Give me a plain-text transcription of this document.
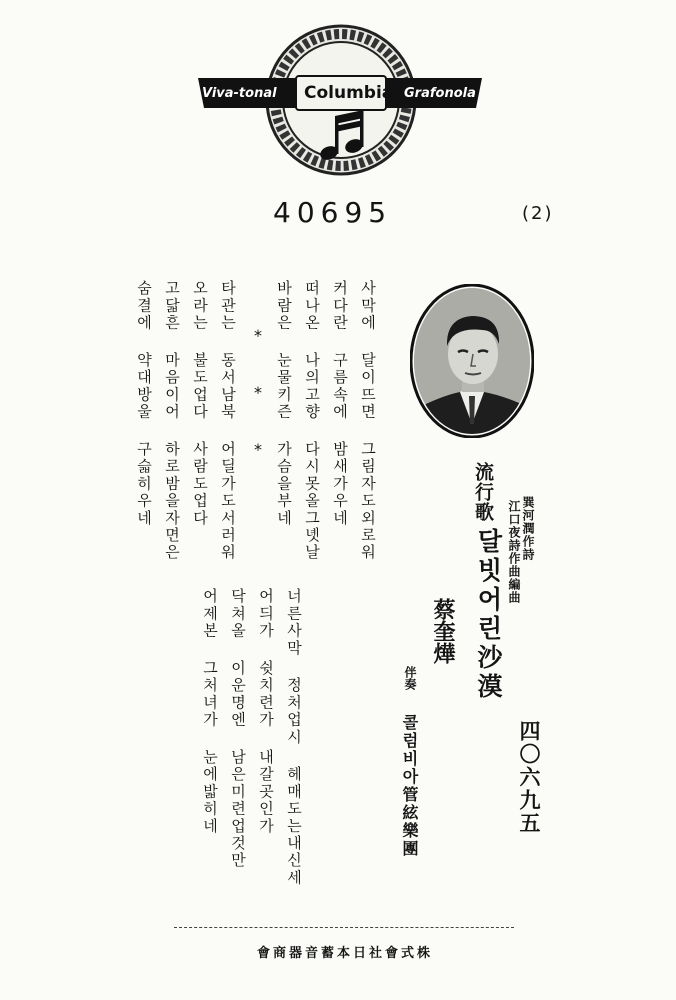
Viva-tonal Columbia Grafonola
40695	(2)
사막에 달이뜨면 그림자도외로워
커다란 구름속에 밤새가우네
떠나온 나의고향 다시못올그녯날
바람은 눈물키즌 가슴을부네
*
*
*
타관는 동서남북 어딜가도서러워
오라는 불도업다 사람도업다
고닯흔 마음이어 하로밤을자면은
숨결에 약대방울 구슯히우네
너른사막 정처업시 헤매도는내신세
어듸가 쉿치련가 내갈곳인가
닥쳐올 이운명엔 남은미련업것만
어제본 그처녀가 눈에밟히네
流行歌
달빗어린沙漠 巽河潤作詩
江口夜詩作曲編曲
蔡奎燁
伴奏
콜럼비아管絃樂團	四〇六九五
株式會社日本蓄音器商會
